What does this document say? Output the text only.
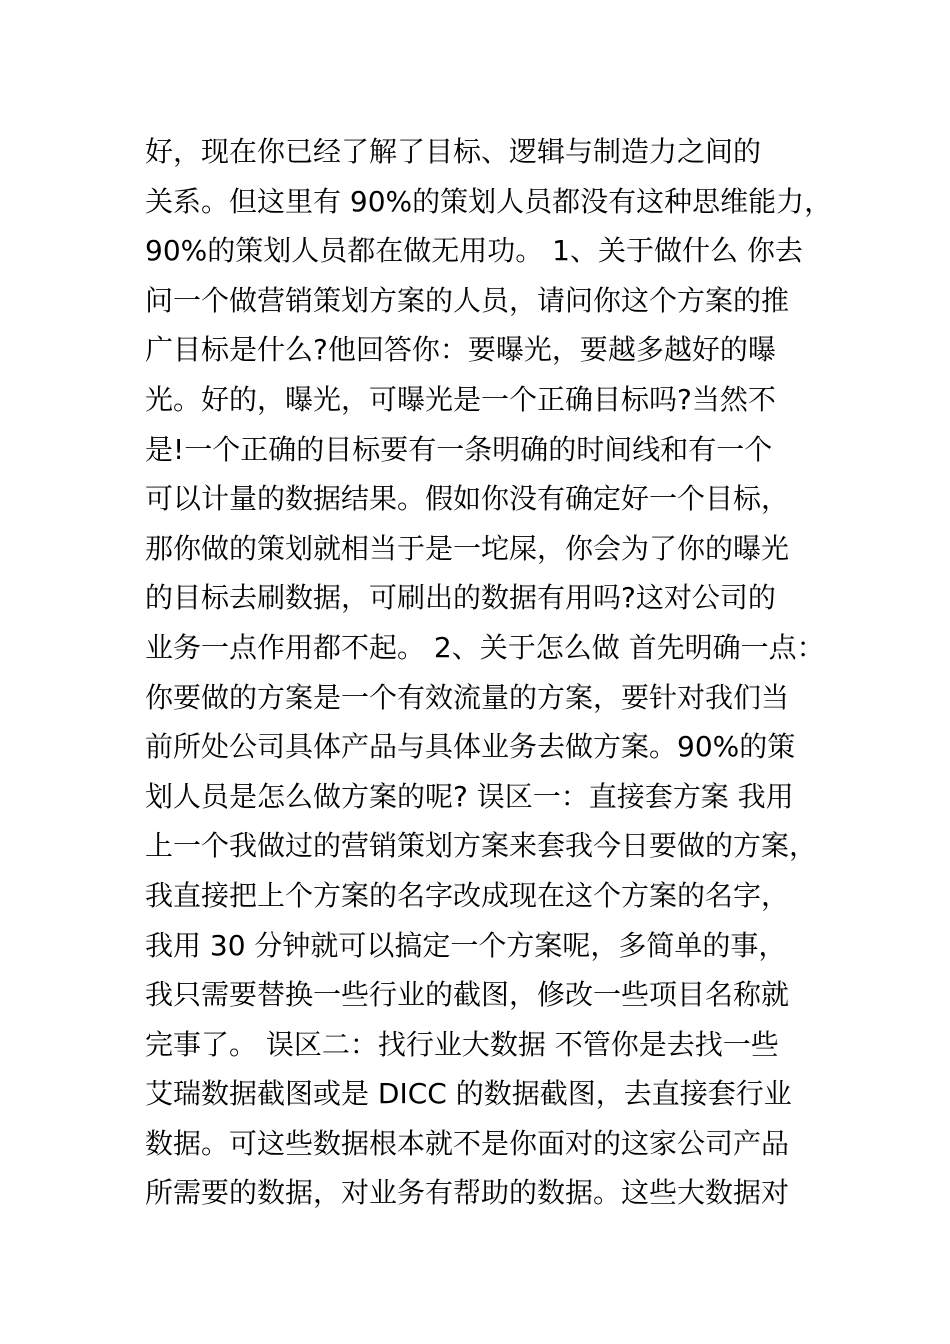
好，现在你已经了解了目标、逻辑与制造力之间的
关系。但这里有 90%的策划人员都没有这种思维能力，
90%的策划人员都在做无用功。 1、关于做什么 你去
问一个做营销策划方案的人员，请问你这个方案的推
广目标是什么?他回答你：要曝光，要越多越好的曝
光。好的，曝光，可曝光是一个正确目标吗?当然不
是!一个正确的目标要有一条明确的时间线和有一个
可以计量的数据结果。假如你没有确定好一个目标，
那你做的策划就相当于是一坨屎，你会为了你的曝光
的目标去刷数据，可刷出的数据有用吗?这对公司的
业务一点作用都不起。 2、关于怎么做 首先明确一点：
你要做的方案是一个有效流量的方案，要针对我们当
前所处公司具体产品与具体业务去做方案。90%的策
划人员是怎么做方案的呢? 误区一：直接套方案 我用
上一个我做过的营销策划方案来套我今日要做的方案，
我直接把上个方案的名字改成现在这个方案的名字，
我用 30 分钟就可以搞定一个方案呢，多简单的事，
我只需要替换一些行业的截图，修改一些项目名称就
完事了。 误区二：找行业大数据 不管你是去找一些
艾瑞数据截图或是 DICC 的数据截图，去直接套行业
数据。可这些数据根本就不是你面对的这家公司产品
所需要的数据，对业务有帮助的数据。这些大数据对
